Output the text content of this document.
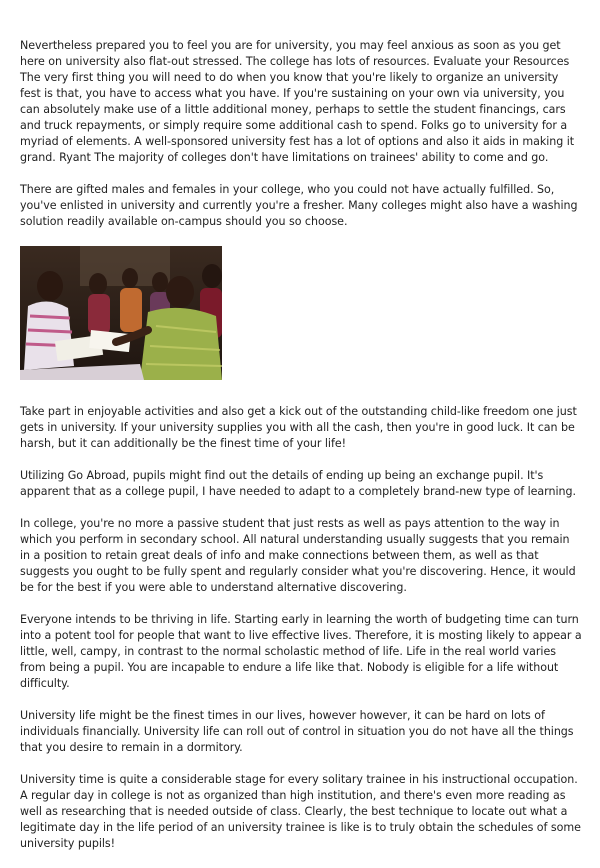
Nevertheless prepared you to feel you are for university, you may feel anxious as soon as you get here on university also flat-out stressed. The college has lots of resources. Evaluate your Resources The very first thing you will need to do when you know that you're likely to organize an university fest is that, you have to access what you have. If you're sustaining on your own via university, you can absolutely make use of a little additional money, perhaps to settle the student financings, cars and truck repayments, or simply require some additional cash to spend. Folks go to university for a myriad of elements. A well-sponsored university fest has a lot of options and also it aids in making it grand. Ryant The majority of colleges don't have limitations on trainees' ability to come and go.

There are gifted males and females in your college, who you could not have actually fulfilled. So, you've enlisted in university and currently you're a fresher. Many colleges might also have a washing solution readily available on-campus should you so choose.

Take part in enjoyable activities and also get a kick out of the outstanding child-like freedom one just gets in university. If your university supplies you with all the cash, then you're in good luck. It can be harsh, but it can additionally be the finest time of your life!

Utilizing Go Abroad, pupils might find out the details of ending up being an exchange pupil. It's apparent that as a college pupil, I have needed to adapt to a completely brand-new type of learning.

In college, you're no more a passive student that just rests as well as pays attention to the way in which you perform in secondary school. All natural understanding usually suggests that you remain in a position to retain great deals of info and make connections between them, as well as that suggests you ought to be fully spent and regularly consider what you're discovering. Hence, it would be for the best if you were able to understand alternative discovering.

Everyone intends to be thriving in life. Starting early in learning the worth of budgeting time can turn into a potent tool for people that want to live effective lives. Therefore, it is mosting likely to appear a little, well, campy, in contrast to the normal scholastic method of life. Life in the real world varies from being a pupil. You are incapable to endure a life like that. Nobody is eligible for a life without difficulty.

University life might be the finest times in our lives, however however, it can be hard on lots of individuals financially. University life can roll out of control in situation you do not have all the things that you desire to remain in a dormitory.

University time is quite a considerable stage for every solitary trainee in his instructional occupation. A regular day in college is not as organized than high institution, and there's even more reading as well as researching that is needed outside of class. Clearly, the best technique to locate out what a legitimate day in the life period of an university trainee is like is to truly obtain the schedules of some university pupils!
